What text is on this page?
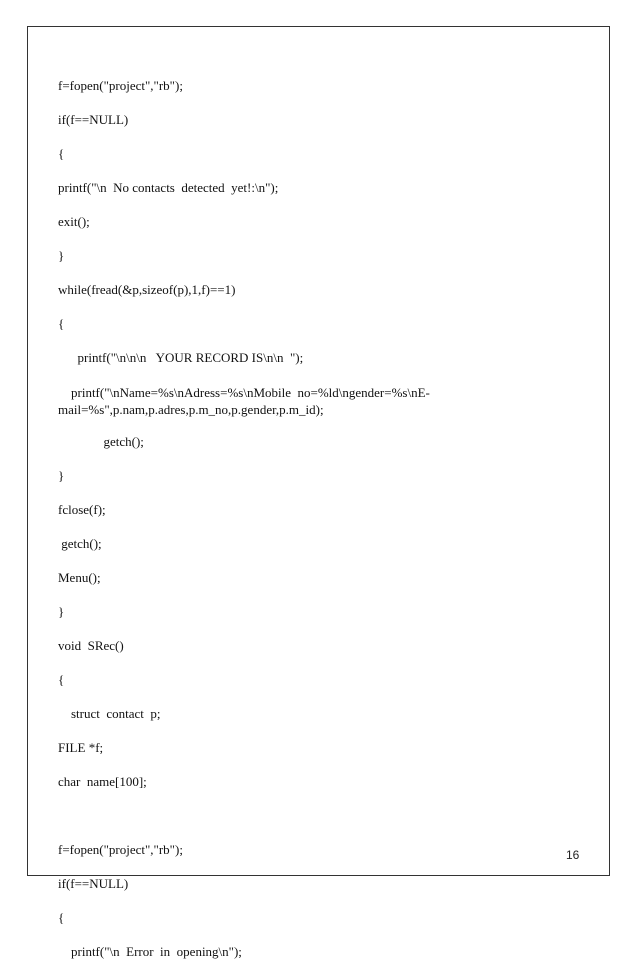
f=fopen("project","rb");
if(f==NULL)
{
printf("\n  No contacts  detected  yet!:\n");
exit();
}
while(fread(&p,sizeof(p),1,f)==1)
{
printf("\n\n\n   YOUR RECORD IS\n\n  ");
printf("\nName=%s\nAdress=%s\nMobile  no=%ld\ngender=%s\nE-mail=%s",p.nam,p.adres,p.m_no,p.gender,p.m_id);
getch();
}
fclose(f);
getch();
Menu();
}
void  SRec()
{
struct  contact  p;
FILE *f;
char  name[100];
f=fopen("project","rb");
if(f==NULL)
{
printf("\n  Error  in  opening\n");
16
